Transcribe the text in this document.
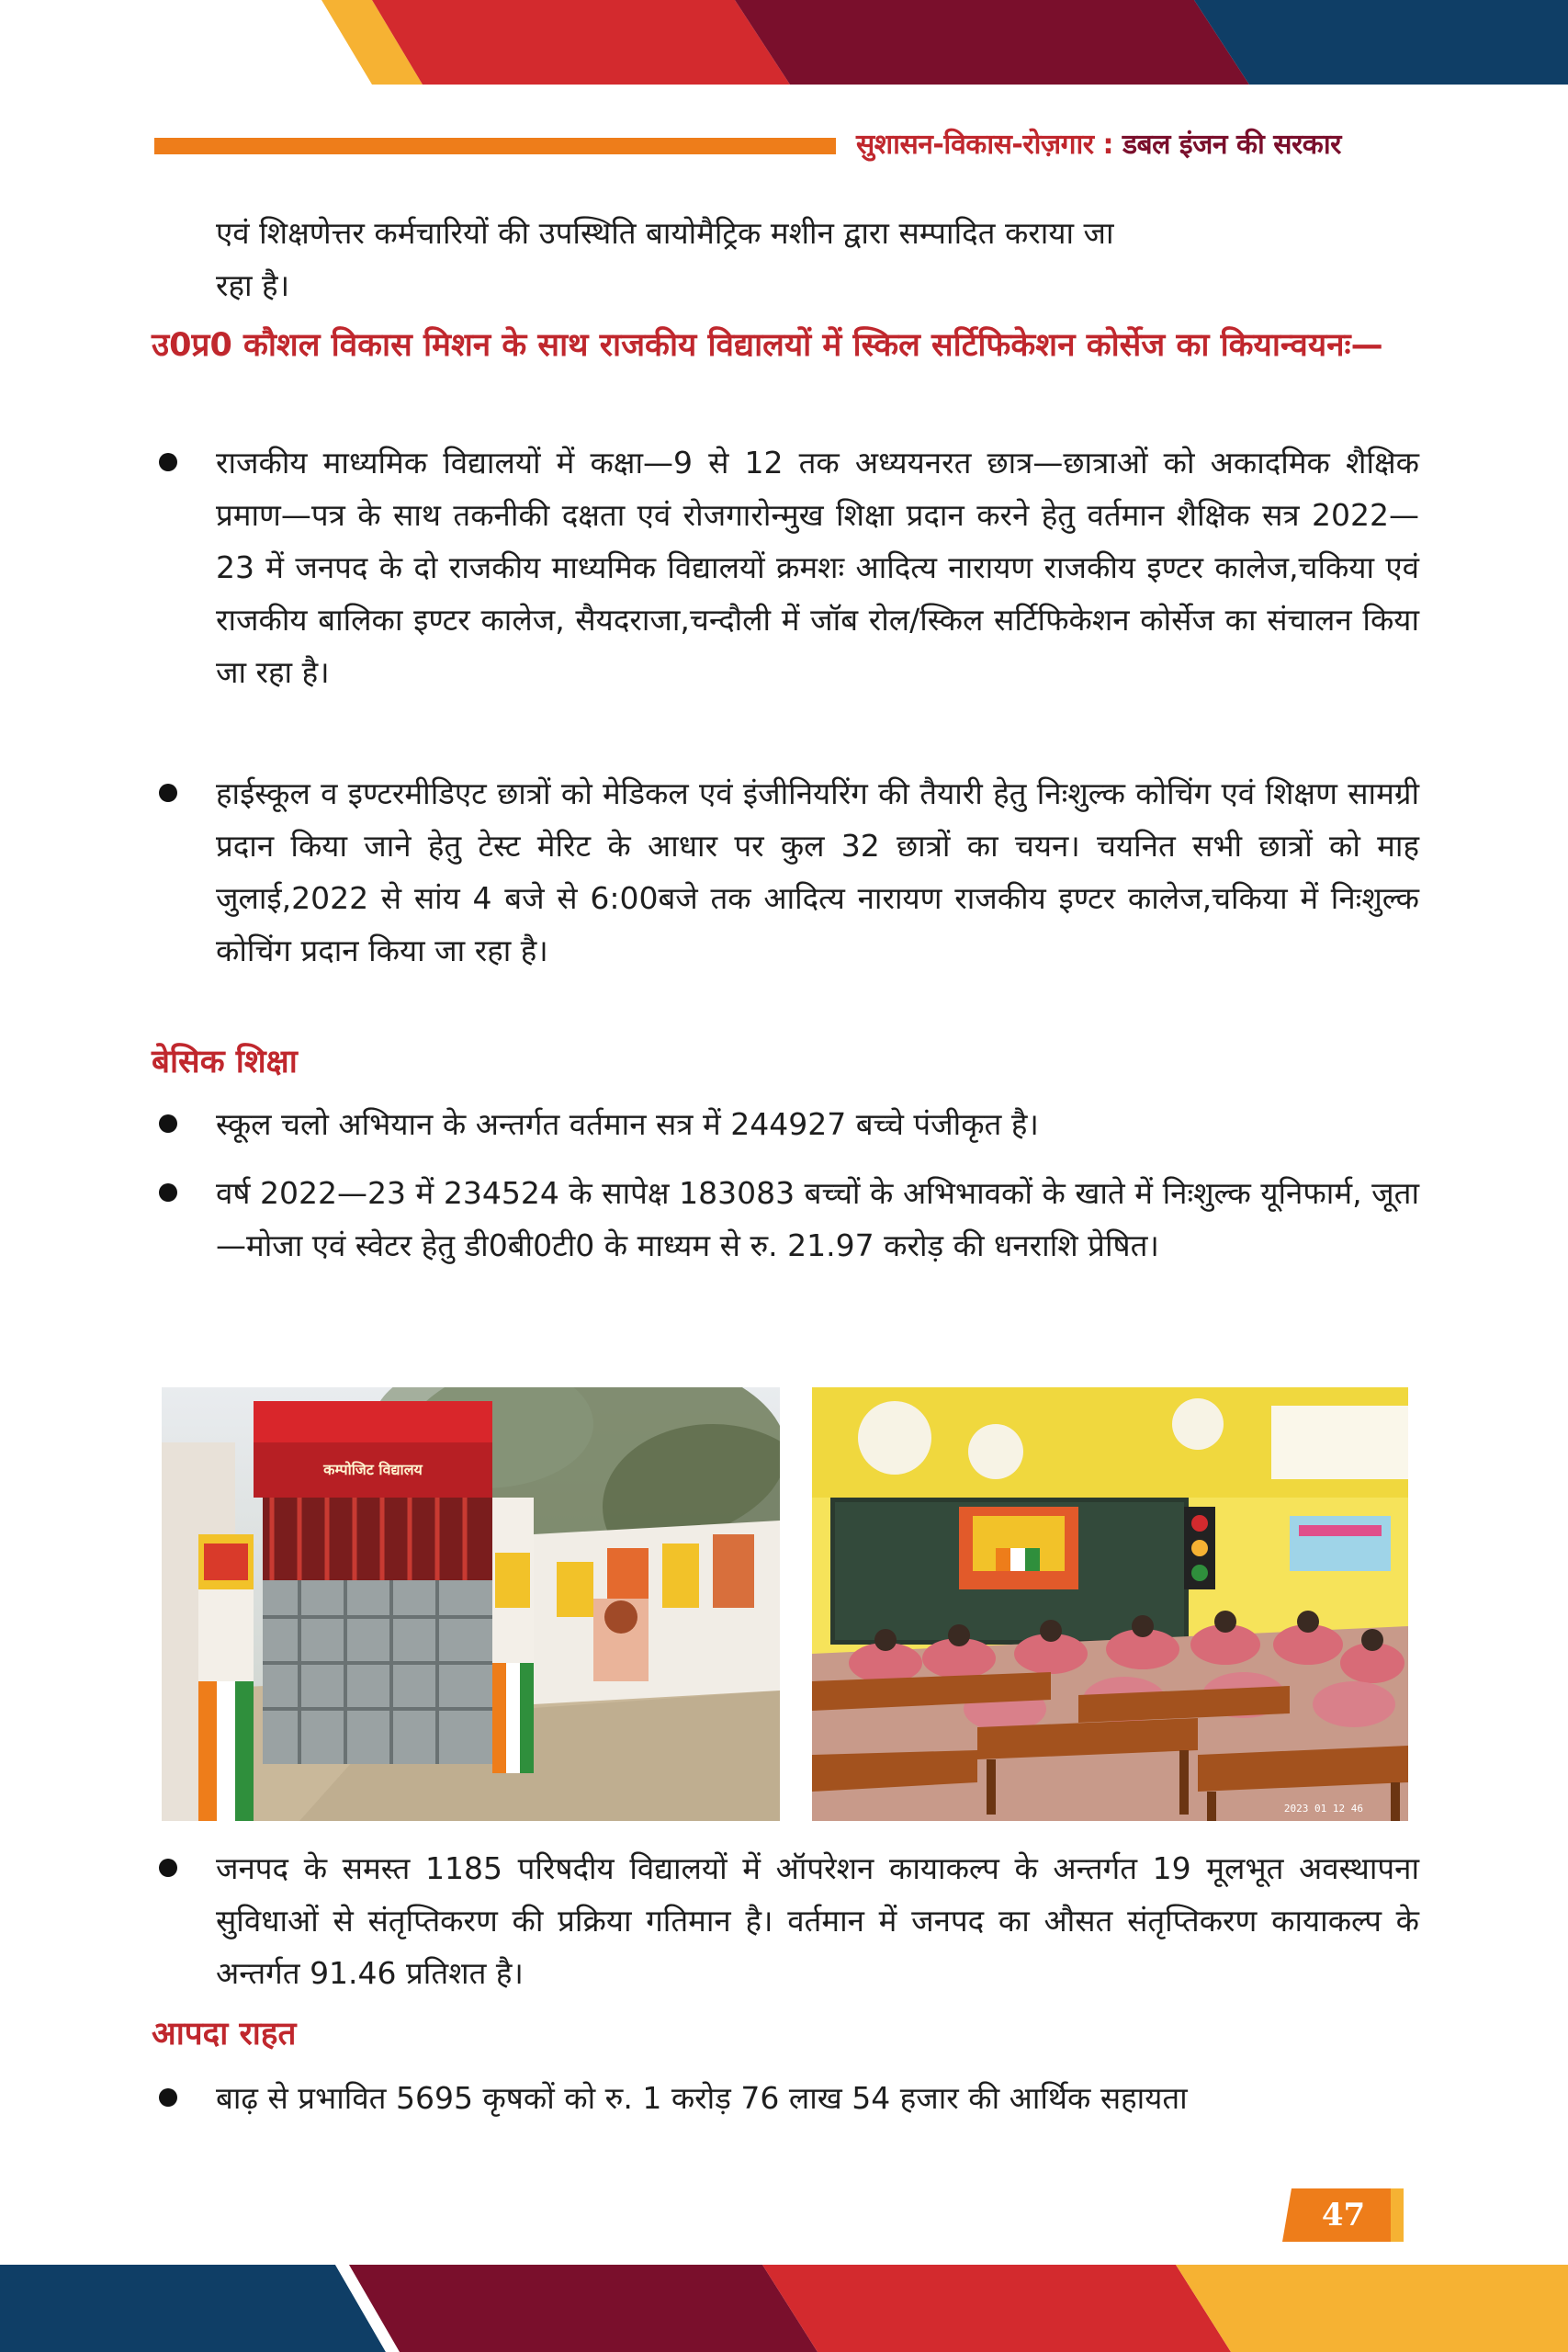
सुशासन-विकास-रोज़गार : डबल इंजन की सरकार

एवं शिक्षणेत्तर कर्मचारियों की उपस्थिति बायोमैट्रिक मशीन द्वारा सम्पादित कराया जा

रहा है।

उ0प्र0 कौशल विकास मिशन के साथ राजकीय विद्यालयों में स्किल सर्टिफिकेशन कोर्सेज का कियान्वयनः—

राजकीय माध्यमिक विद्यालयों में कक्षा—9 से 12 तक अध्ययनरत छात्र—छात्राओं को अकादमिक शैक्षिक प्रमाण—पत्र के साथ तकनीकी दक्षता एवं रोजगारोन्मुख शिक्षा प्रदान करने हेतु वर्तमान शैक्षिक सत्र 2022—23 में जनपद के दो राजकीय माध्यमिक विद्यालयों क्रमशः आदित्य नारायण राजकीय इण्टर कालेज,चकिया एवं राजकीय बालिका इण्टर कालेज, सैयदराजा,चन्दौली में जॉब रोल/स्किल सर्टिफिकेशन कोर्सेज का संचालन किया जा रहा है।

हाईस्कूल व इण्टरमीडिएट छात्रों को मेडिकल एवं इंजीनियरिंग की तैयारी हेतु निःशुल्क कोचिंग एवं शिक्षण सामग्री प्रदान किया जाने हेतु टेस्ट मेरिट के आधार पर कुल 32 छात्रों का चयन। चयनित सभी छात्रों को माह जुलाई,2022 से सांय 4 बजे से 6:00बजे तक आदित्य नारायण राजकीय इण्टर कालेज,चकिया में निःशुल्क कोचिंग प्रदान किया जा रहा है।

बेसिक शिक्षा

स्कूल चलो अभियान के अन्तर्गत वर्तमान सत्र में 244927 बच्चे पंजीकृत है।

वर्ष 2022—23 में 234524 के सापेक्ष 183083 बच्चों के अभिभावकों के खाते में निःशुल्क यूनिफार्म, जूता—मोजा एवं स्वेटर हेतु डी0बी0टी0 के माध्यम से रु. 21.97 करोड़ की धनराशि प्रेषित।

कम्पोजिट विद्यालय
2023 01 12 46

जनपद के समस्त 1185 परिषदीय विद्यालयों में ऑपरेशन कायाकल्प के अन्तर्गत 19 मूलभूत अवस्थापना सुविधाओं से संतृप्तिकरण की प्रक्रिया गतिमान है। वर्तमान में जनपद का औसत संतृप्तिकरण कायाकल्प के अन्तर्गत 91.46 प्रतिशत है।

आपदा राहत

बाढ़ से प्रभावित 5695 कृषकों को रु. 1 करोड़ 76 लाख 54 हजार की आर्थिक सहायता

47
